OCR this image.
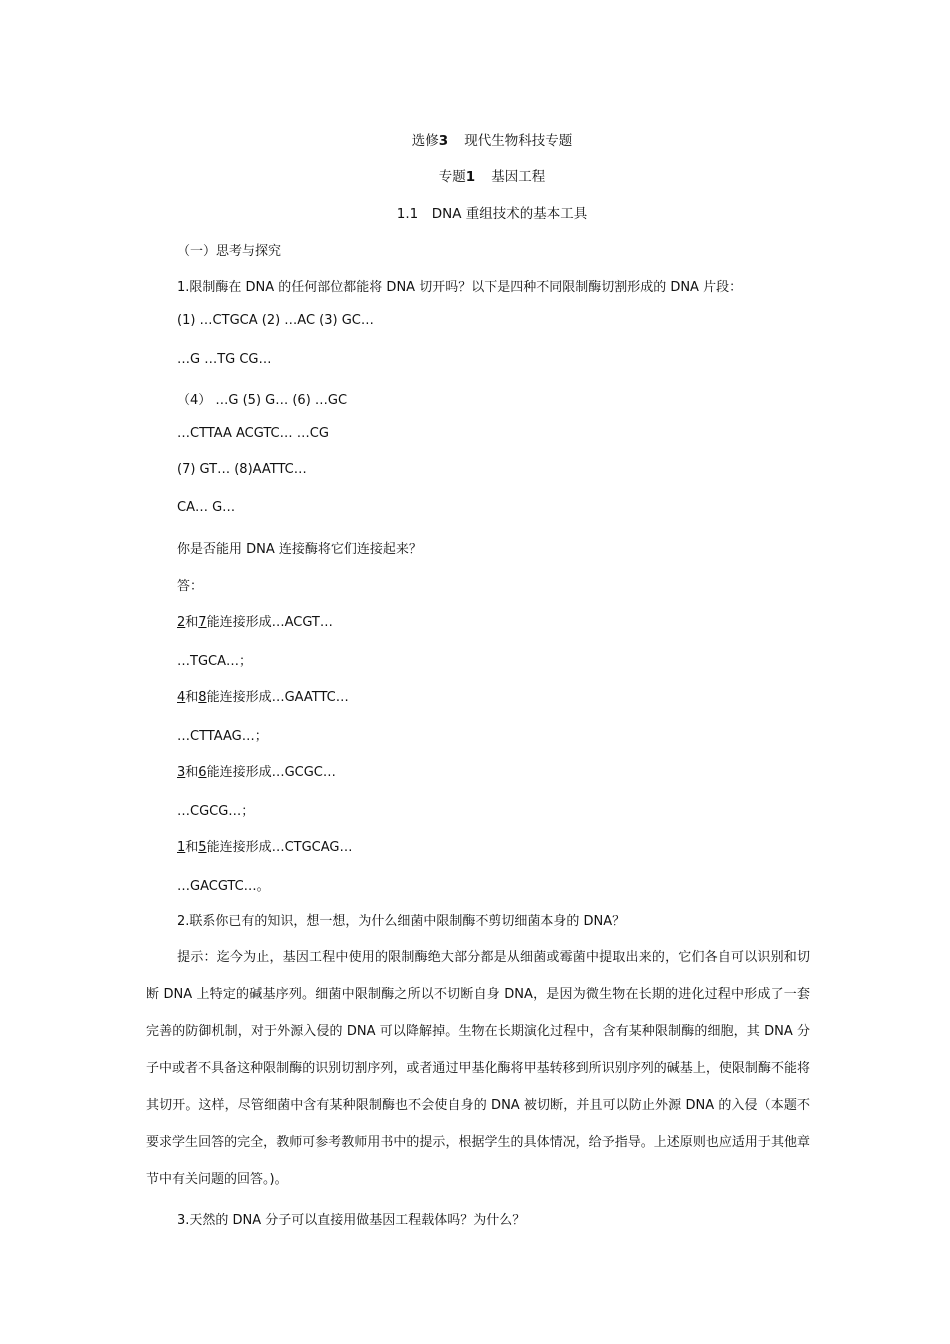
选修3 现代生物科技专题
专题1 基因工程
1.1　DNA 重组技术的基本工具
（一）思考与探究
1.限制酶在 DNA 的任何部位都能将 DNA 切开吗？以下是四种不同限制酶切割形成的 DNA 片段：
(1) …CTGCA (2) …AC (3) GC…
…G …TG CG…
（4） …G (5) G… (6) …GC
…CTTAA ACGTC… …CG
(7) GT… (8)AATTC…
CA… G…
你是否能用 DNA 连接酶将它们连接起来？
答：
2和7能连接形成…ACGT…
…TGCA…；
4和8能连接形成…GAATTC…
…CTTAAG…；
3和6能连接形成…GCGC…
…CGCG…；
1和5能连接形成…CTGCAG…
…GACGTC…。
2.联系你已有的知识，想一想，为什么细菌中限制酶不剪切细菌本身的 DNA？
提示：迄今为止，基因工程中使用的限制酶绝大部分都是从细菌或霉菌中提取出来的，它们各自可以识别和切断 DNA 上特定的碱基序列。细菌中限制酶之所以不切断自身 DNA，是因为微生物在长期的进化过程中形成了一套完善的防御机制，对于外源入侵的 DNA 可以降解掉。生物在长期演化过程中，含有某种限制酶的细胞，其 DNA 分子中或者不具备这种限制酶的识别切割序列，或者通过甲基化酶将甲基转移到所识别序列的碱基上，使限制酶不能将其切开。这样，尽管细菌中含有某种限制酶也不会使自身的 DNA 被切断，并且可以防止外源 DNA 的入侵（本题不要求学生回答的完全，教师可参考教师用书中的提示，根据学生的具体情况，给予指导。上述原则也应适用于其他章节中有关问题的回答。)。
3.天然的 DNA 分子可以直接用做基因工程载体吗？为什么？
